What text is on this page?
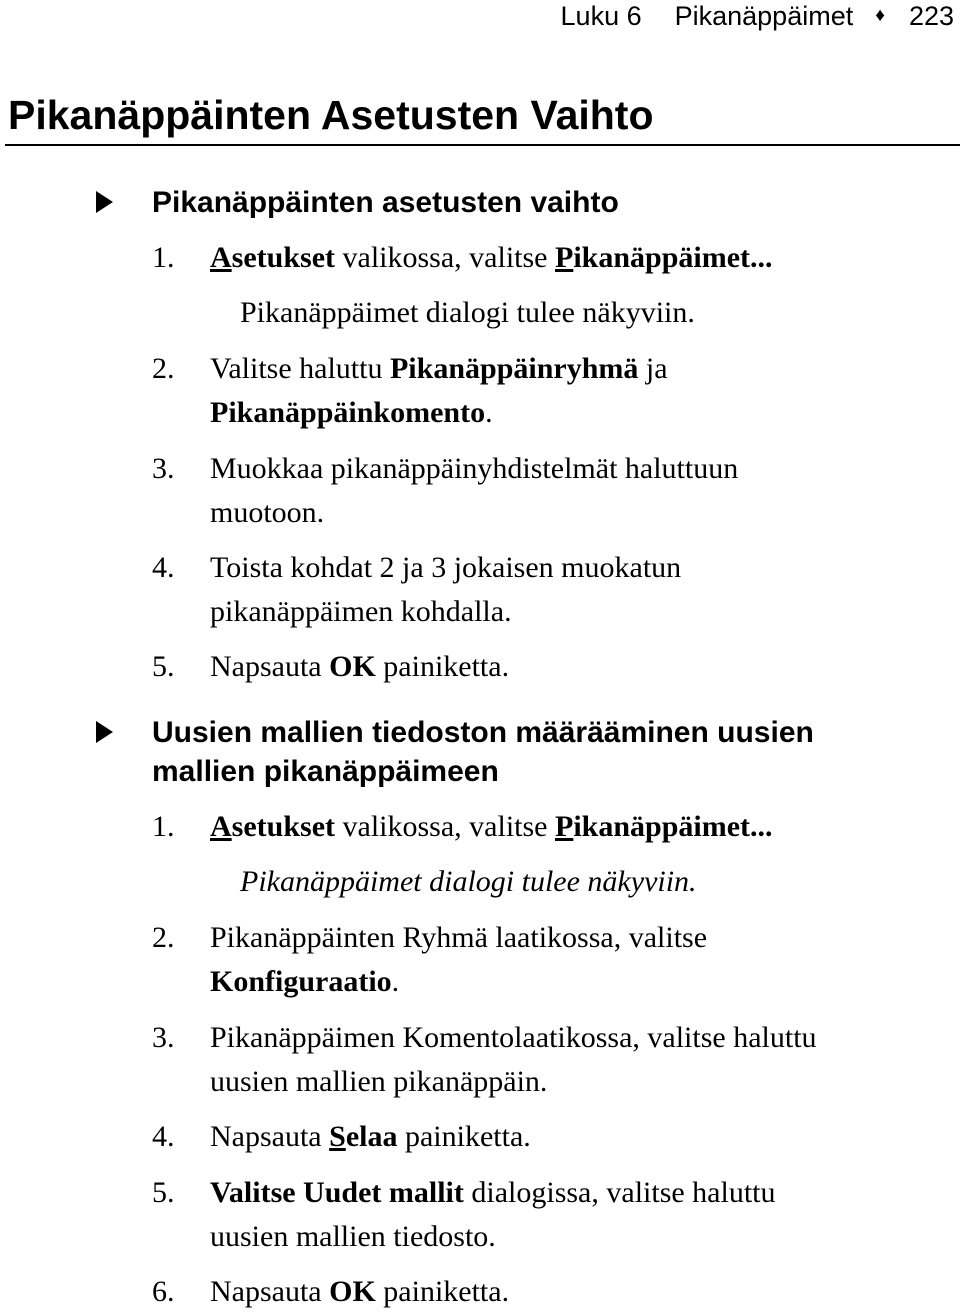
Luku 6 Pikanäppäimet ♦ 223
Pikanäppäinten Asetusten Vaihto
Pikanäppäinten asetusten vaihto
1. Asetukset valikossa, valitse Pikanäppäimet...
Pikanäppäimet dialogi tulee näkyviin.
2. Valitse haluttu Pikanäppäinryhmä ja
Pikanäppäinkomento.
3. Muokkaa pikanäppäinyhdistelmät haluttuun
muotoon.
4. Toista kohdat 2 ja 3 jokaisen muokatun
pikanäppäimen kohdalla.
5. Napsauta OK painiketta.
Uusien mallien tiedoston määrääminen uusien
mallien pikanäppäimeen
1. Asetukset valikossa, valitse Pikanäppäimet...
Pikanäppäimet dialogi tulee näkyviin.
2. Pikanäppäinten Ryhmä laatikossa, valitse
Konfiguraatio.
3. Pikanäppäimen Komentolaatikossa, valitse haluttu
uusien mallien pikanäppäin.
4. Napsauta Selaa painiketta.
5. Valitse Uudet mallit dialogissa, valitse haluttu
uusien mallien tiedosto.
6. Napsauta OK painiketta.
